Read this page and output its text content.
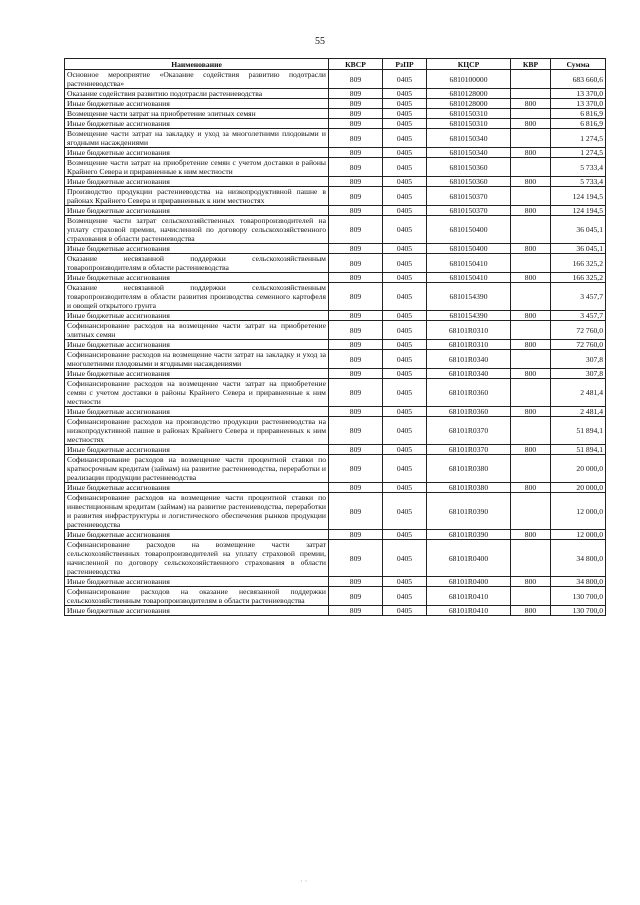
55
Наименование	КВСР	РзПР	КЦСР	КВР	Сумма
Основное мероприятие «Оказание содействия развитию подотрасли растениеводства»	809	0405	6810100000		683 660,6
Оказание содействия развитию подотрасли растениеводства	809	0405	6810128000		13 370,0
Иные бюджетные ассигнования	809	0405	6810128000	800	13 370,0
Возмещение части затрат на приобретение элитных семян	809	0405	6810150310		6 816,9
Иные бюджетные ассигнования	809	0405	6810150310	800	6 816,9
Возмещение части затрат на закладку и уход за многолетними плодовыми и ягодными насаждениями	809	0405	6810150340		1 274,5
Иные бюджетные ассигнования	809	0405	6810150340	800	1 274,5
Возмещение части затрат на приобретение семян с учетом доставки в районы Крайнего Севера и приравненные к ним местности	809	0405	6810150360		5 733,4
Иные бюджетные ассигнования	809	0405	6810150360	800	5 733,4
Производство продукции растениеводства на низкопродуктивной пашне в районах Крайнего Севера и приравненных к ним местностях	809	0405	6810150370		124 194,5
Иные бюджетные ассигнования	809	0405	6810150370	800	124 194,5
Возмещение части затрат сельскохозяйственных товаропроизводителей на уплату страховой премии, начисленной по договору сельскохозяйственного страхования в области растениеводства	809	0405	6810150400		36 045,1
Иные бюджетные ассигнования	809	0405	6810150400	800	36 045,1
Оказание несвязанной поддержки сельскохозяйственным товаропроизводителям в области растениеводства	809	0405	6810150410		166 325,2
Иные бюджетные ассигнования	809	0405	6810150410	800	166 325,2
Оказание несвязанной поддержки сельскохозяйственным товаропроизводителям в области развития производства семенного картофеля и овощей открытого грунта	809	0405	6810154390		3 457,7
Иные бюджетные ассигнования	809	0405	6810154390	800	3 457,7
Софинансирование расходов на возмещение части затрат на приобретение элитных семян	809	0405	68101R0310		72 760,0
Иные бюджетные ассигнования	809	0405	68101R0310	800	72 760,0
Софинансирование расходов на возмещение части затрат на закладку и уход за многолетними плодовыми и ягодными насаждениями	809	0405	68101R0340		307,8
Иные бюджетные ассигнования	809	0405	68101R0340	800	307,8
Софинансирование расходов на возмещение части затрат на приобретение семян с учетом доставки в районы Крайнего Севера и приравненные к ним местности	809	0405	68101R0360		2 481,4
Иные бюджетные ассигнования	809	0405	68101R0360	800	2 481,4
Софинансирование расходов на производство продукции растениеводства на низкопродуктивной пашне в районах Крайнего Севера и приравненных к ним местностях	809	0405	68101R0370		51 894,1
Иные бюджетные ассигнования	809	0405	68101R0370	800	51 894,1
Софинансирование расходов на возмещение части процентной ставки по краткосрочным кредитам (займам) на развитие растениеводства, переработки и реализации продукции растениеводства	809	0405	68101R0380		20 000,0
Иные бюджетные ассигнования	809	0405	68101R0380	800	20 000,0
Софинансирование расходов на возмещение части процентной ставки по инвестиционным кредитам (займам) на развитие растениеводства, переработки и развития инфраструктуры и логистического обеспечения рынков продукции растениеводства	809	0405	68101R0390		12 000,0
Иные бюджетные ассигнования	809	0405	68101R0390	800	12 000,0
Софинансирование расходов на возмещение части затрат сельскохозяйственных товаропроизводителей на уплату страховой премии, начисленной по договору сельскохозяйственного страхования в области растениеводства	809	0405	68101R0400		34 800,0
Иные бюджетные ассигнования	809	0405	68101R0400	800	34 800,0
Софинансирование расходов на оказание несвязанной поддержки сельскохозяйственным товаропроизводителям в области растениеводства	809	0405	68101R0410		130 700,0
Иные бюджетные ассигнования	809	0405	68101R0410	800	130 700,0
· ·
